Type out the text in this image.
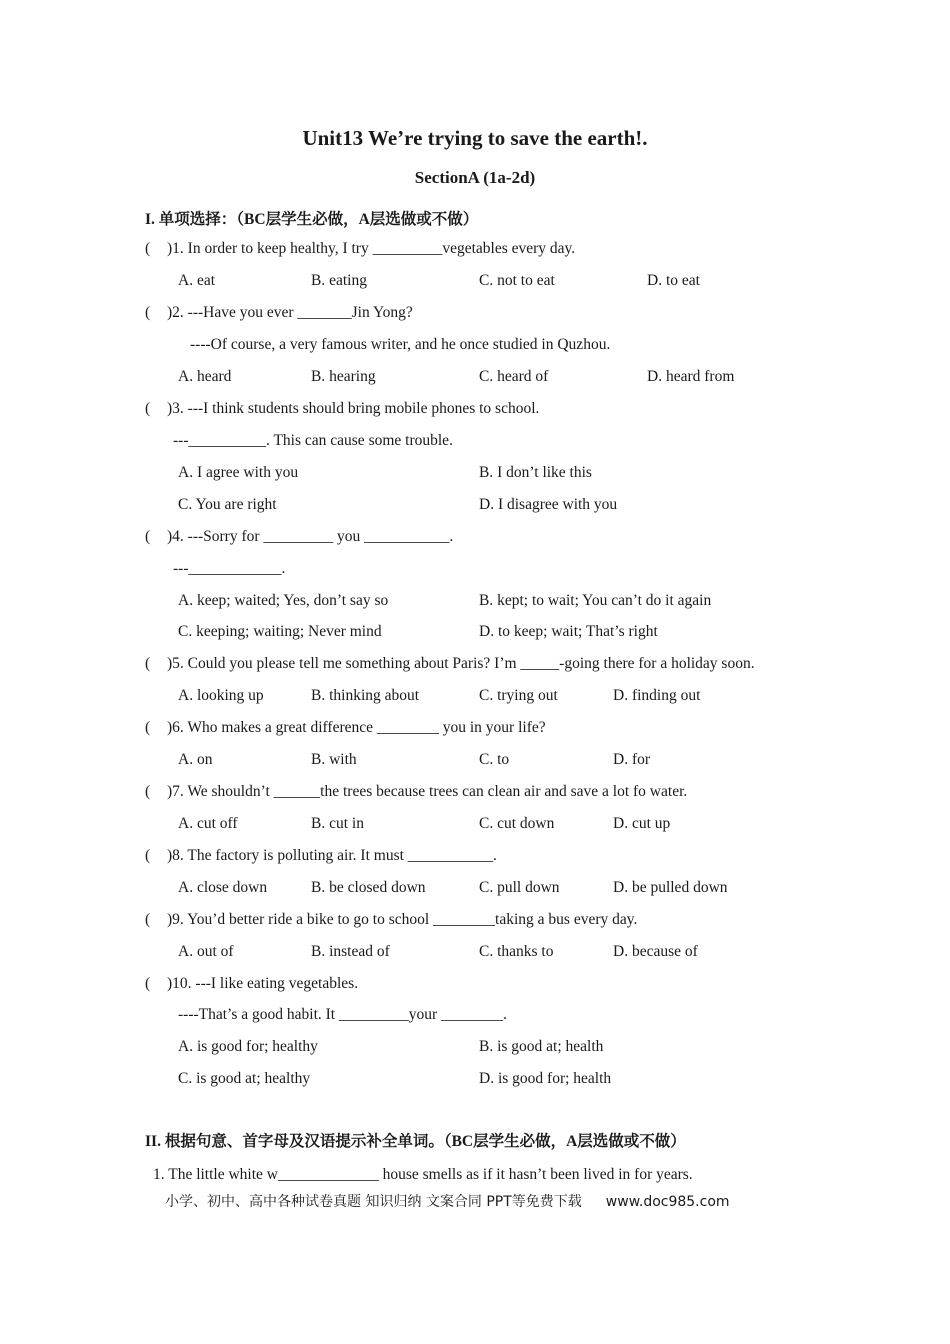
Unit13 We’re trying to save the earth!.
SectionA (1a-2d)
I. 单项选择：（BC层学生必做，A层选做或不做）
( )1. In order to keep healthy, I try _________vegetables every day.
A. eat	B. eating	C. not to eat	D. to eat
( )2. ---Have you ever _______Jin Yong?
----Of course, a very famous writer, and he once studied in Quzhou.
A. heard	B. hearing	C. heard of	D. heard from
( )3. ---I think students should bring mobile phones to school.
---__________. This can cause some trouble.
A. I agree with you	B. I don’t like this
C. You are right	D. I disagree with you
( )4. ---Sorry for _________ you ___________.
---____________.
A. keep; waited; Yes, don’t say so	B. kept; to wait; You can’t do it again
C. keeping; waiting; Never mind	D. to keep; wait; That’s right
( )5. Could you please tell me something about Paris? I’m _____-going there for a holiday soon.
A. looking up	B. thinking about	C. trying out	D. finding out
( )6. Who makes a great difference ________ you in your life?
A. on	B. with	C. to	D. for
( )7. We shouldn’t ______the trees because trees can clean air and save a lot fo water.
A. cut off	B. cut in	C. cut down	D. cut up
( )8. The factory is polluting air. It must ___________.
A. close down	B. be closed down	C. pull down	D. be pulled down
( )9. You’d better ride a bike to go to school ________taking a bus every day.
A. out of	B. instead of	C. thanks to	D. because of
( )10. ---I like eating vegetables.
----That’s a good habit. It _________your ________.
A. is good for; healthy	B. is good at; health
C. is good at; healthy	D. is good for; health
II. 根据句意、首字母及汉语提示补全单词。（BC层学生必做，A层选做或不做）
1. The little white w_____________ house smells as if it hasn’t been lived in for years.
小学、初中、高中各种试卷真题 知识归纳 文案合同 PPT等免费下载 www.doc985.com
